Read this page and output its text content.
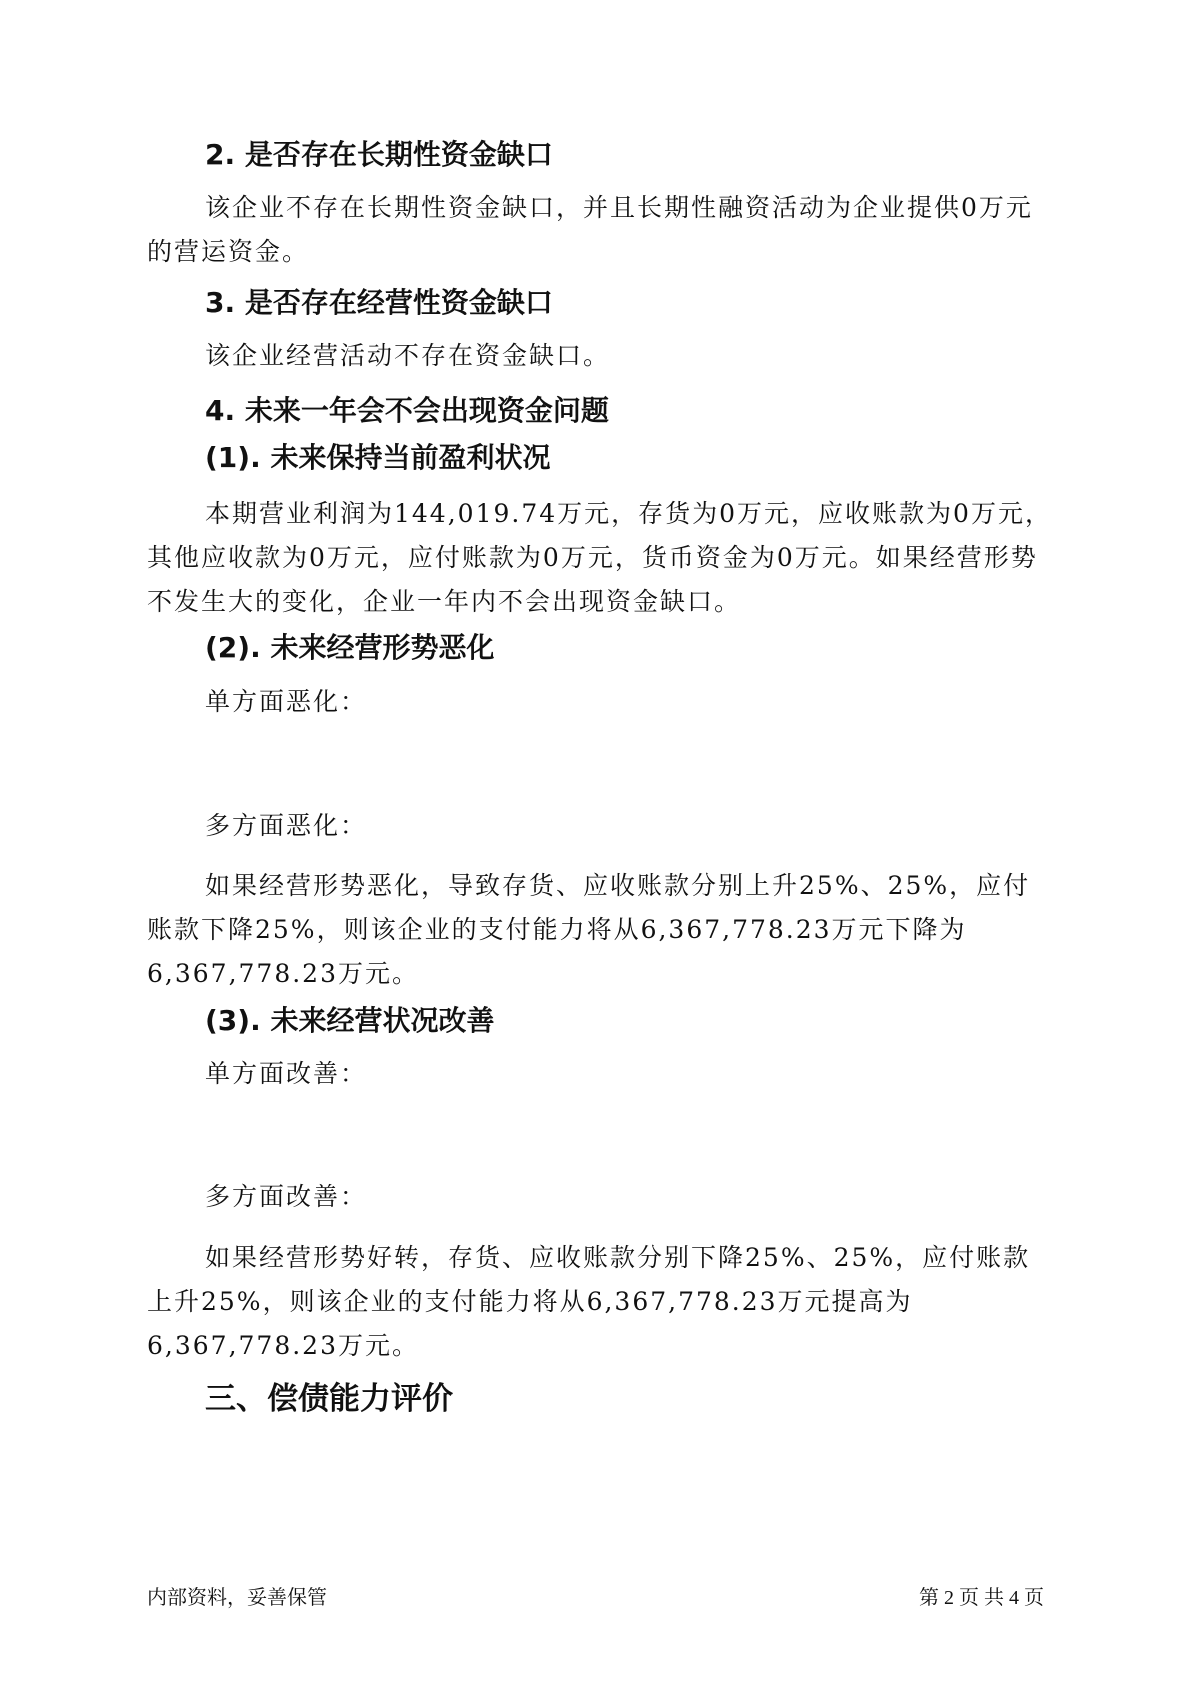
2. 是否存在长期性资金缺口

该企业不存在长期性资金缺口，并且长期性融资活动为企业提供0万元的营运资金。

3. 是否存在经营性资金缺口

该企业经营活动不存在资金缺口。

4. 未来一年会不会出现资金问题
(1). 未来保持当前盈利状况

本期营业利润为144,019.74万元，存货为0万元，应收账款为0万元，其他应收款为0万元，应付账款为0万元，货币资金为0万元。如果经营形势不发生大的变化，企业一年内不会出现资金缺口。

(2). 未来经营形势恶化

单方面恶化：

多方面恶化：

如果经营形势恶化，导致存货、应收账款分别上升25%、25%，应付账款下降25%，则该企业的支付能力将从6,367,778.23万元下降为6,367,778.23万元。

(3). 未来经营状况改善

单方面改善：

多方面改善：

如果经营形势好转，存货、应收账款分别下降25%、25%，应付账款上升25%，则该企业的支付能力将从6,367,778.23万元提高为6,367,778.23万元。

三、偿债能力评价
内部资料，妥善保管	第 2 页 共 4 页
